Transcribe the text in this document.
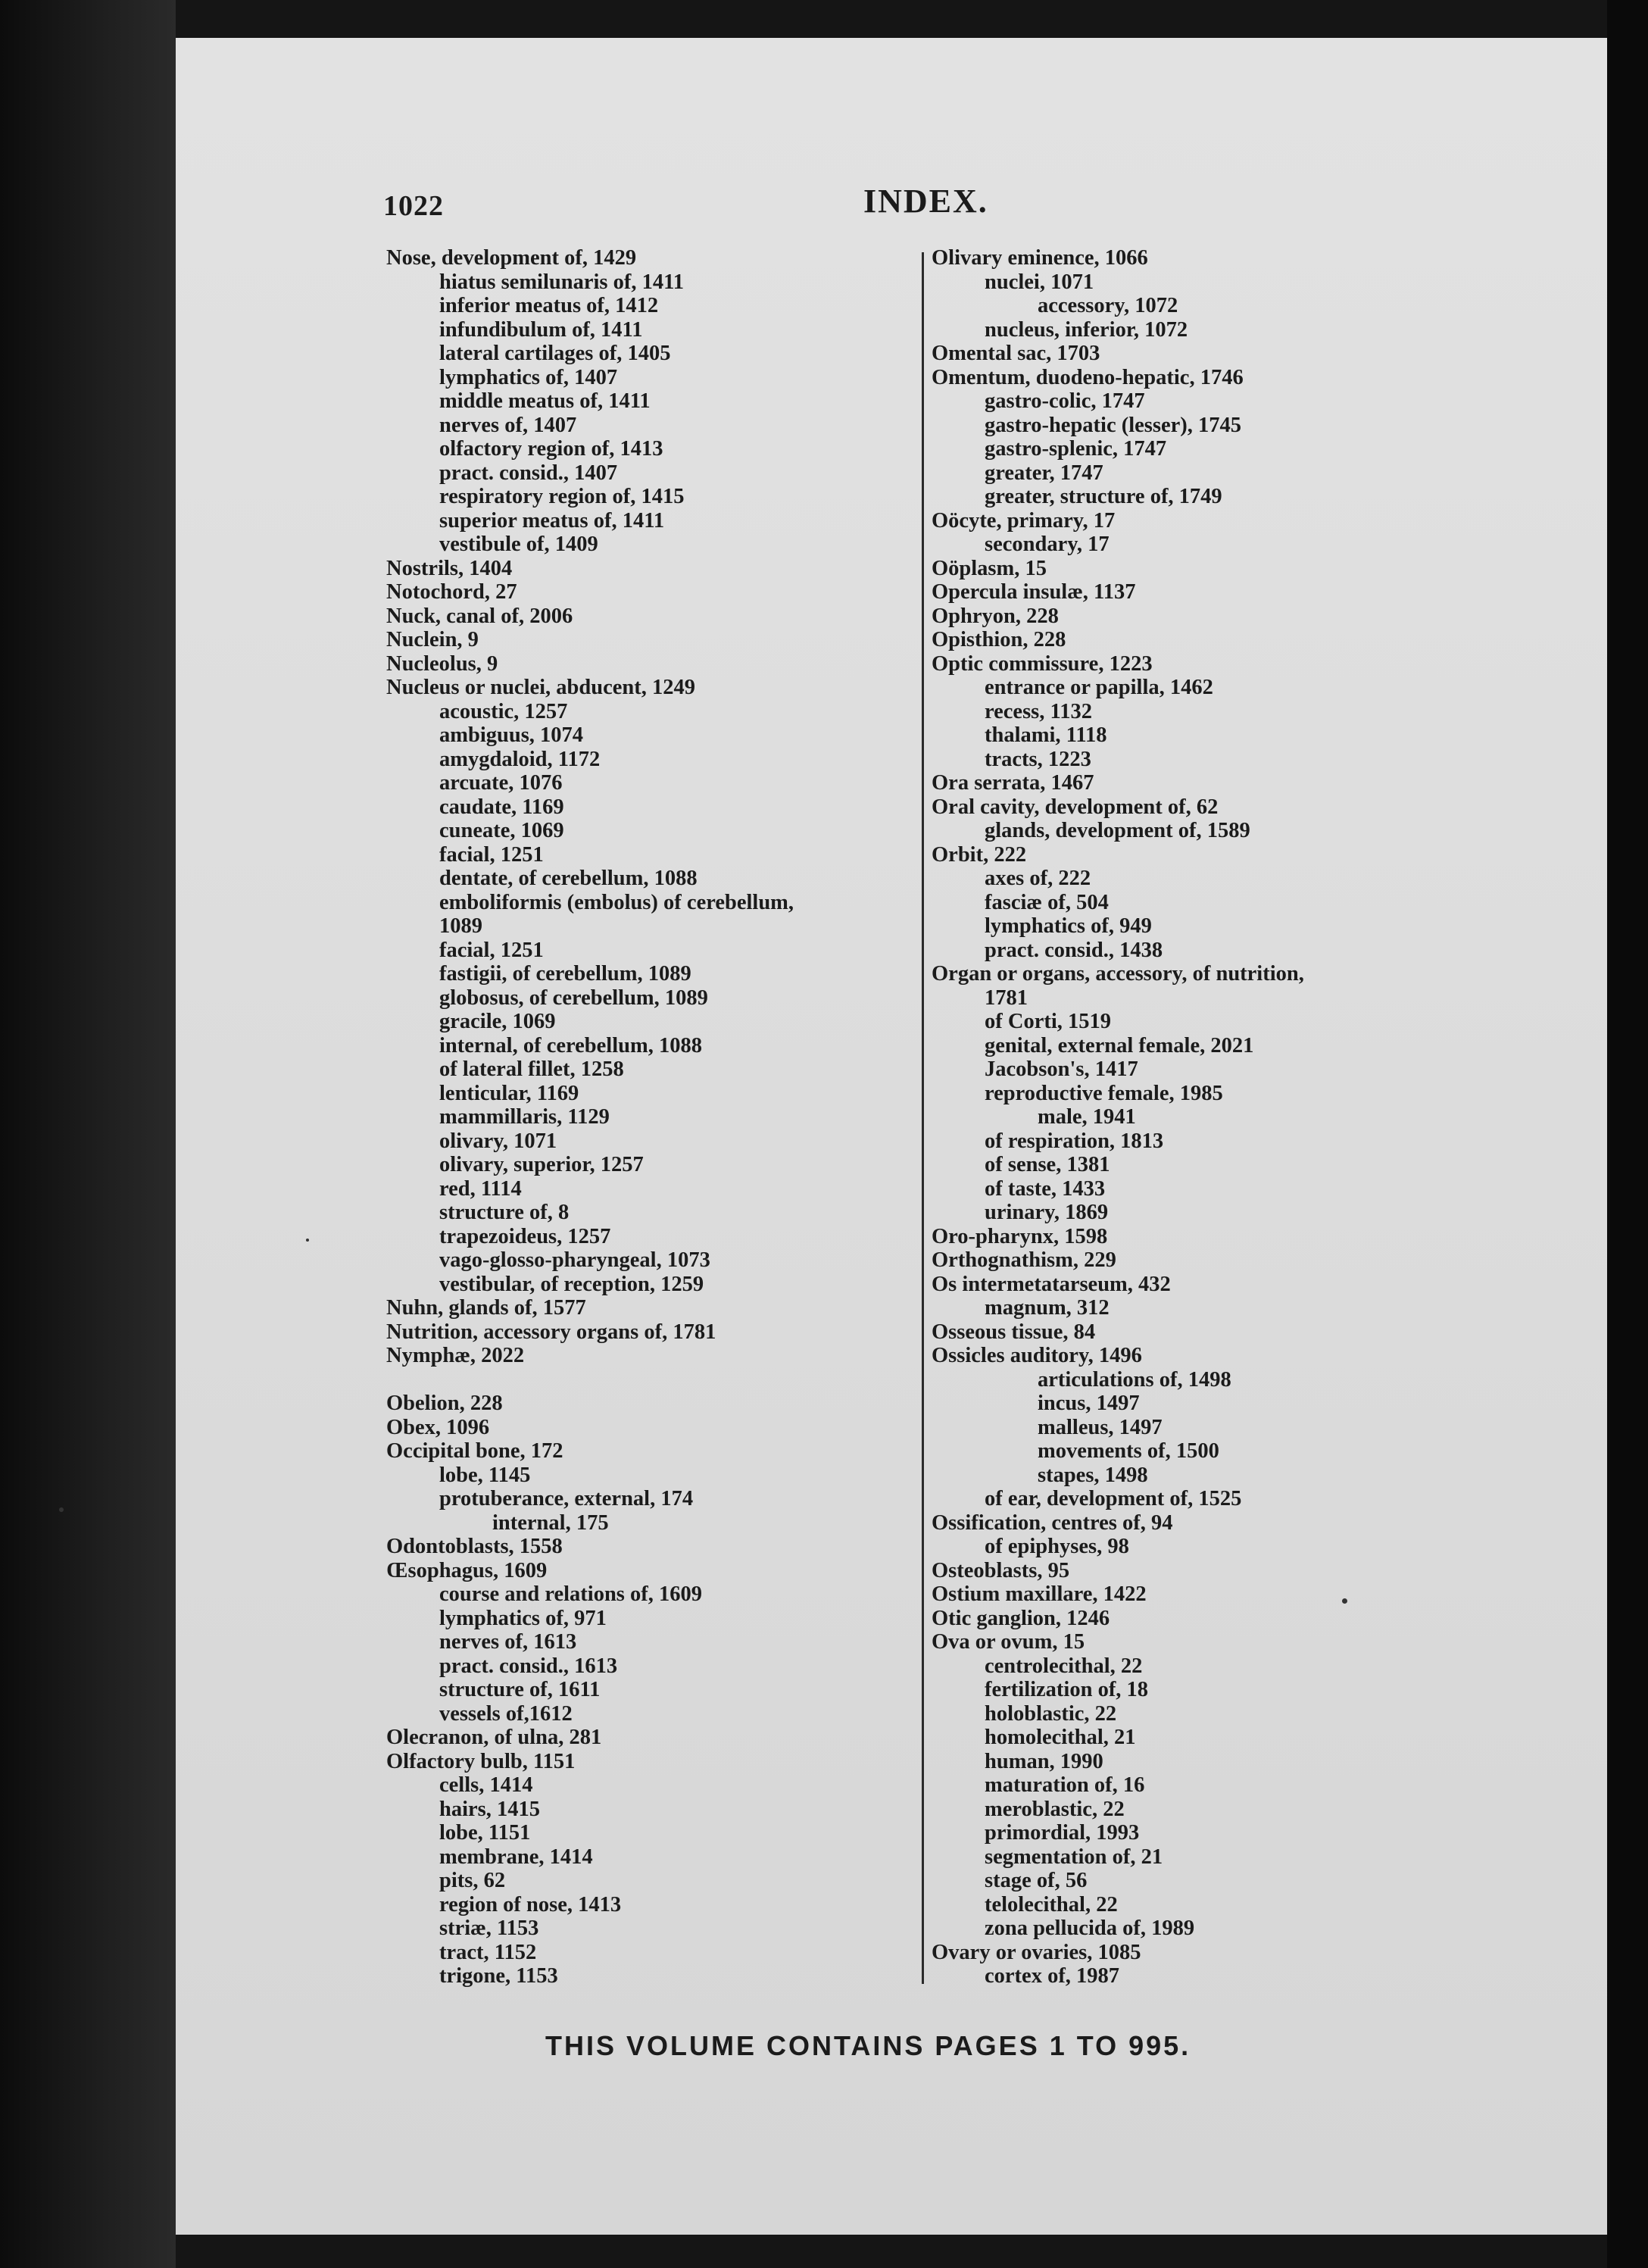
1022	INDEX.
Nose, development of, 1429
hiatus semilunaris of, 1411
inferior meatus of, 1412
infundibulum of, 1411
lateral cartilages of, 1405
lymphatics of, 1407
middle meatus of, 1411
nerves of, 1407
olfactory region of, 1413
pract. consid., 1407
respiratory region of, 1415
superior meatus of, 1411
vestibule of, 1409
Nostrils, 1404
Notochord, 27
Nuck, canal of, 2006
Nuclein, 9
Nucleolus, 9
Nucleus or nuclei, abducent, 1249
acoustic, 1257
ambiguus, 1074
amygdaloid, 1172
arcuate, 1076
caudate, 1169
cuneate, 1069
facial, 1251
dentate, of cerebellum, 1088
emboliformis (embolus) of cerebellum,
1089
facial, 1251
fastigii, of cerebellum, 1089
globosus, of cerebellum, 1089
gracile, 1069
internal, of cerebellum, 1088
of lateral fillet, 1258
lenticular, 1169
mammillaris, 1129
olivary, 1071
olivary, superior, 1257
red, 1114
structure of, 8
trapezoideus, 1257
vago-glosso-pharyngeal, 1073
vestibular, of reception, 1259
Nuhn, glands of, 1577
Nutrition, accessory organs of, 1781
Nymphæ, 2022
Obelion, 228
Obex, 1096
Occipital bone, 172
lobe, 1145
protuberance, external, 174
internal, 175
Odontoblasts, 1558
Œsophagus, 1609
course and relations of, 1609
lymphatics of, 971
nerves of, 1613
pract. consid., 1613
structure of, 1611
vessels of,1612
Olecranon, of ulna, 281
Olfactory bulb, 1151
cells, 1414
hairs, 1415
lobe, 1151
membrane, 1414
pits, 62
region of nose, 1413
striæ, 1153
tract, 1152
trigone, 1153
Olivary eminence, 1066
nuclei, 1071
accessory, 1072
nucleus, inferior, 1072
Omental sac, 1703
Omentum, duodeno-hepatic, 1746
gastro-colic, 1747
gastro-hepatic (lesser), 1745
gastro-splenic, 1747
greater, 1747
greater, structure of, 1749
Oöcyte, primary, 17
secondary, 17
Oöplasm, 15
Opercula insulæ, 1137
Ophryon, 228
Opisthion, 228
Optic commissure, 1223
entrance or papilla, 1462
recess, 1132
thalami, 1118
tracts, 1223
Ora serrata, 1467
Oral cavity, development of, 62
glands, development of, 1589
Orbit, 222
axes of, 222
fasciæ of, 504
lymphatics of, 949
pract. consid., 1438
Organ or organs, accessory, of nutrition,
1781
of Corti, 1519
genital, external female, 2021
Jacobson's, 1417
reproductive female, 1985
male, 1941
of respiration, 1813
of sense, 1381
of taste, 1433
urinary, 1869
Oro-pharynx, 1598
Orthognathism, 229
Os intermetatarseum, 432
magnum, 312
Osseous tissue, 84
Ossicles auditory, 1496
articulations of, 1498
incus, 1497
malleus, 1497
movements of, 1500
stapes, 1498
of ear, development of, 1525
Ossification, centres of, 94
of epiphyses, 98
Osteoblasts, 95
Ostium maxillare, 1422
Otic ganglion, 1246
Ova or ovum, 15
centrolecithal, 22
fertilization of, 18
holoblastic, 22
homolecithal, 21
human, 1990
maturation of, 16
meroblastic, 22
primordial, 1993
segmentation of, 21
stage of, 56
telolecithal, 22
zona pellucida of, 1989
Ovary or ovaries, 1085
cortex of, 1987
THIS VOLUME CONTAINS PAGES 1 TO 995.
